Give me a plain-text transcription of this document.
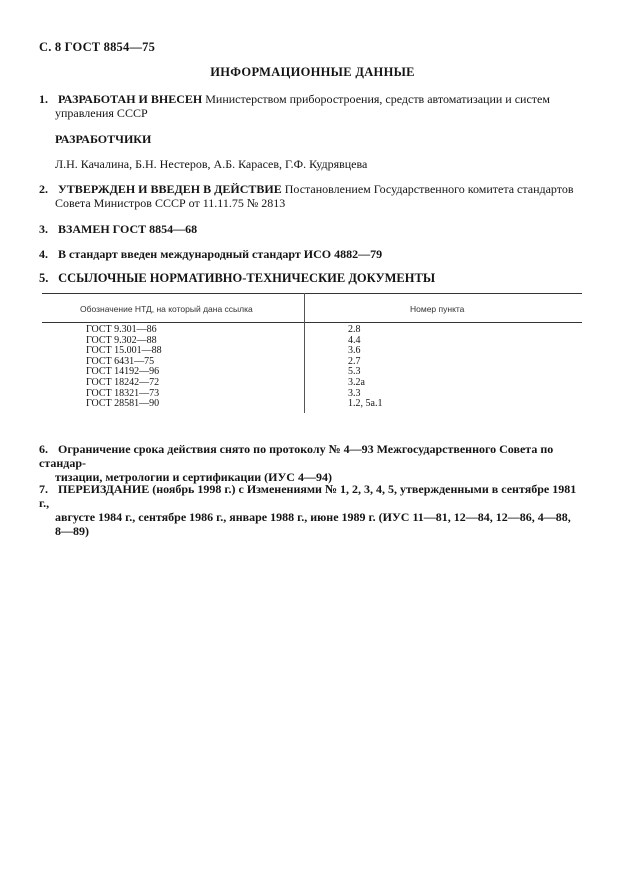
С. 8 ГОСТ 8854—75
ИНФОРМАЦИОННЫЕ ДАННЫЕ
1. РАЗРАБОТАН И ВНЕСЕН Министерством приборостроения, средств автоматизации и систем
управления СССР
РАЗРАБОТЧИКИ
Л.Н. Качалина, Б.Н. Нестеров, А.Б. Карасев, Г.Ф. Кудрявцева
2. УТВЕРЖДЕН И ВВЕДЕН В ДЕЙСТВИЕ Постановлением Государственного комитета стандартов
Совета Министров СССР от 11.11.75 № 2813
3. ВЗАМЕН ГОСТ 8854—68
4. В стандарт введен международный стандарт ИСО 4882—79
5. ССЫЛОЧНЫЕ НОРМАТИВНО-ТЕХНИЧЕСКИЕ ДОКУМЕНТЫ
Обозначение НТД, на который дана ссылка	Номер пункта
ГОСТ 9.301—86	2.8
ГОСТ 9.302—88	4.4
ГОСТ 15.001—88	3.6
ГОСТ 6431—75	2.7
ГОСТ 14192—96	5.3
ГОСТ 18242—72	3.2а
ГОСТ 18321—73	3.3
ГОСТ 28581—90	1.2, 5а.1
6. Ограничение срока действия снято по протоколу № 4—93 Межгосударственного Совета по стандар-
тизации, метрологии и сертификации (ИУС 4—94)
7. ПЕРЕИЗДАНИЕ (ноябрь 1998 г.) с Изменениями № 1, 2, 3, 4, 5, утвержденными в сентябре 1981 г.,
августе 1984 г., сентябре 1986 г., январе 1988 г., июне 1989 г. (ИУС 11—81, 12—84, 12—86, 4—88,
8—89)
